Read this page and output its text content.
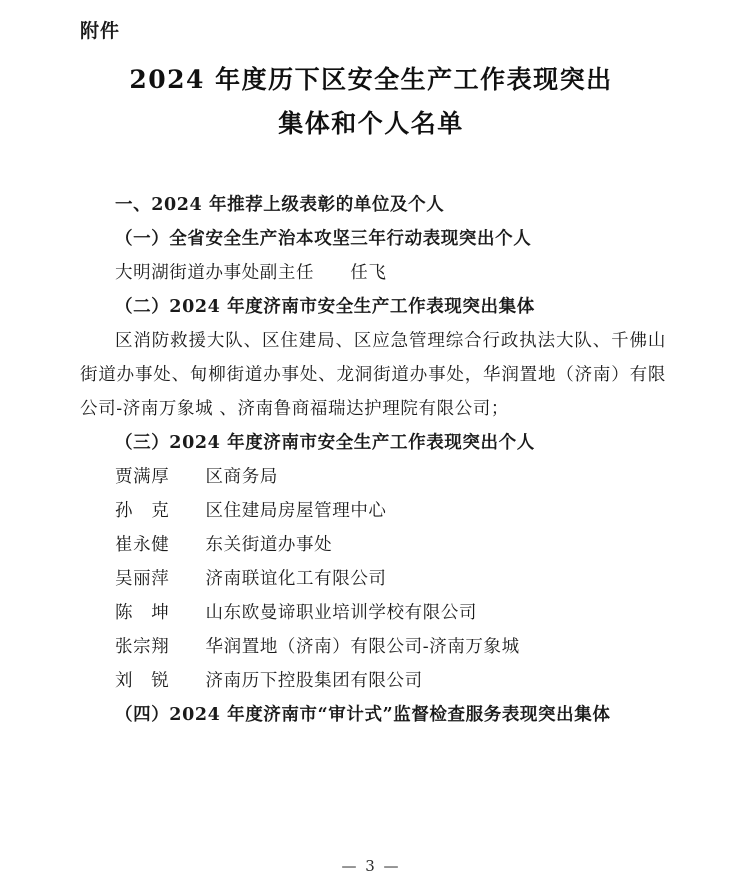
附件
2024 年度历下区安全生产工作表现突出
集体和个人名单

一、2024 年推荐上级表彰的单位及个人

（一）全省安全生产治本攻坚三年行动表现突出个人

大明湖街道办事处副主任　　任飞

（二）2024 年度济南市安全生产工作表现突出集体

区消防救援大队、区住建局、区应急管理综合行政执法大队、千佛山街道办事处、甸柳街道办事处、龙洞街道办事处，华润置地（济南）有限公司-济南万象城 、济南鲁商福瑞达护理院有限公司；

（三）2024 年度济南市安全生产工作表现突出个人

贾满厚　　 区商务局

孙　克　　 区住建局房屋管理中心

崔永健　　 东关街道办事处

吴丽萍　　 济南联谊化工有限公司

陈　坤　　 山东欧曼谛职业培训学校有限公司

张宗翔　　 华润置地（济南）有限公司-济南万象城

刘　锐　　 济南历下控股集团有限公司

（四）2024 年度济南市“审计式”监督检查服务表现突出集体

— 3 —
